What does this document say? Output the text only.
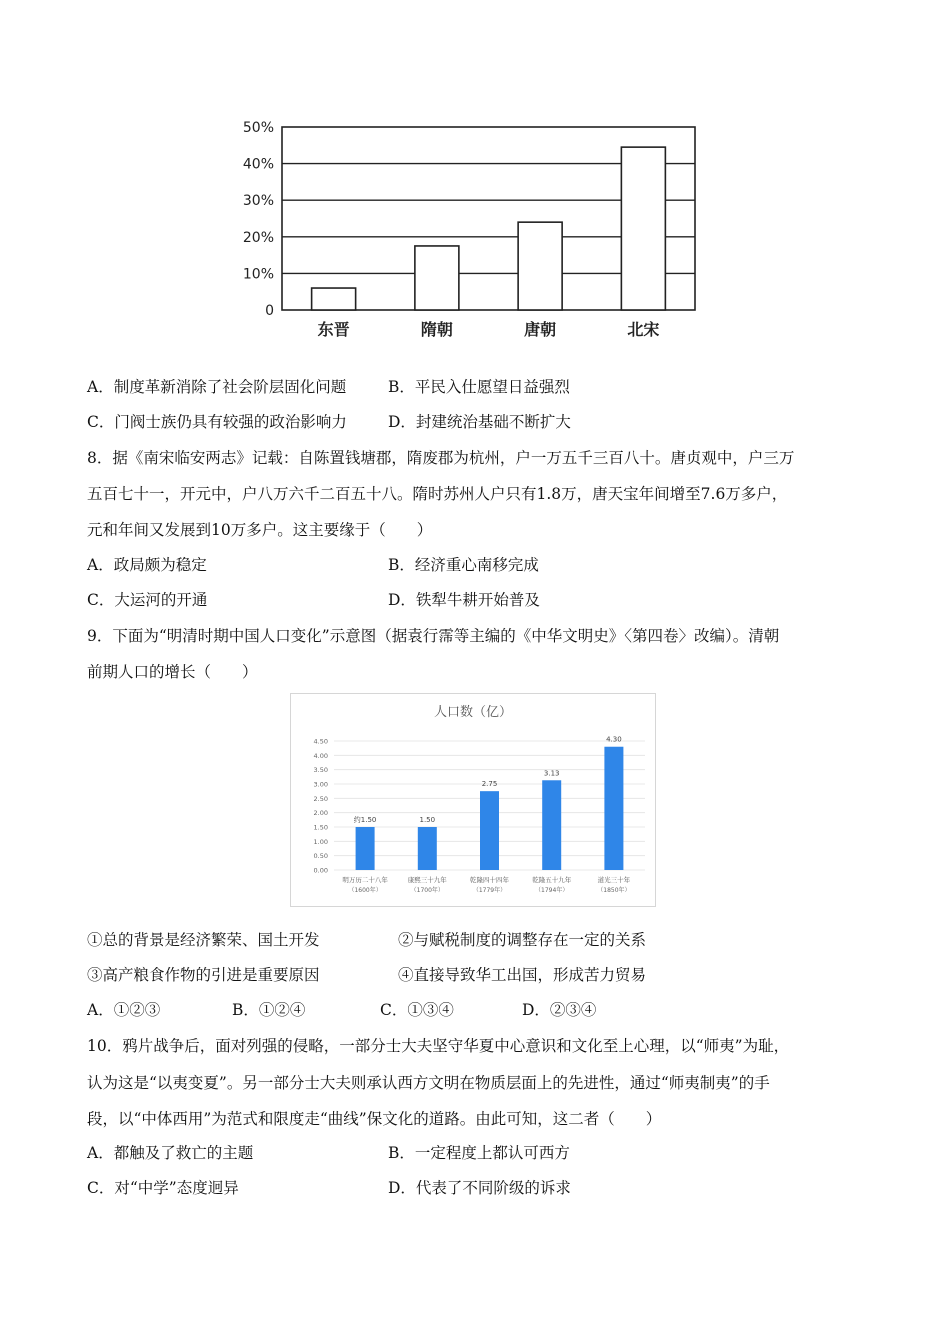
50%
40%
30%
20%
10%
0
东晋	隋朝	唐朝	北宋
A．制度革新消除了社会阶层固化问题	B．平民入仕愿望日益强烈
C．门阀士族仍具有较强的政治影响力	D．封建统治基础不断扩大
8．据《南宋临安两志》记载：自陈置钱塘郡，隋废郡为杭州，户一万五千三百八十。唐贞观中，户三万
五百七十一，开元中，户八万六千二百五十八。隋时苏州人户只有1.8万，唐天宝年间增至7.6万多户，
元和年间又发展到10万多户。这主要缘于（　　）
A．政局颇为稳定	B．经济重心南移完成
C．大运河的开通	D．铁犁牛耕开始普及
9．下面为“明清时期中国人口变化”示意图（据袁行霈等主编的《中华文明史》〈第四卷〉改编）。清朝
前期人口的增长（　　）
人口数（亿）
4.50
4.00
3.50
3.00
2.50
2.00
1.50
1.00
0.50
0.00
约1.50
明万历二十八年
（1600年）
1.50
康熙三十九年
（1700年）
2.75
乾隆四十四年
（1779年）
3.13
乾隆五十九年
（1794年）
4.30
道光三十年
（1850年）
①总的背景是经济繁荣、国土开发	②与赋税制度的调整存在一定的关系
③高产粮食作物的引进是重要原因	④直接导致华工出国，形成苦力贸易
A．①②③	B．①②④	C．①③④	D．②③④
10．鸦片战争后，面对列强的侵略，一部分士大夫坚守华夏中心意识和文化至上心理，以“师夷”为耻，
认为这是“以夷变夏”。另一部分士大夫则承认西方文明在物质层面上的先进性，通过“师夷制夷”的手
段，以“中体西用”为范式和限度走“曲线”保文化的道路。由此可知，这二者（　　）
A．都触及了救亡的主题	B．一定程度上都认可西方
C．对“中学”态度迥异	D．代表了不同阶级的诉求
